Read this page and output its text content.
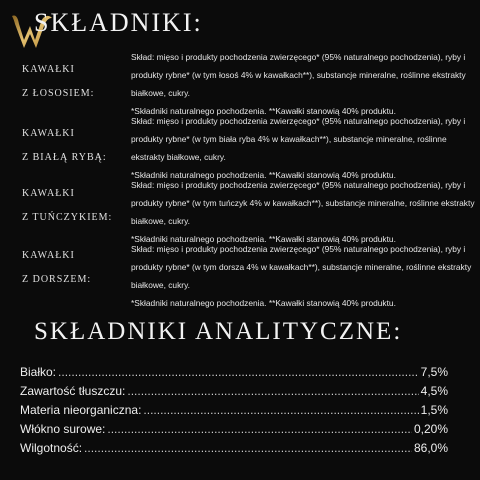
SKŁADNIKI:
KAWAŁKI
Z ŁOSOSIEM:

Skład: mięso i produkty pochodzenia zwierzęcego* (95% naturalnego pochodzenia), ryby i produkty rybne* (w tym łosoś 4% w kawałkach**), substancje mineralne, roślinne ekstrakty białkowe, cukry.

*Składniki naturalnego pochodzenia. **Kawałki stanowią 40% produktu.

KAWAŁKI
Z BIAŁĄ RYBĄ:

Skład: mięso i produkty pochodzenia zwierzęcego* (95% naturalnego pochodzenia), ryby i produkty rybne* (w tym biała ryba 4% w kawałkach**), substancje mineralne, roślinne ekstrakty białkowe, cukry.

*Składniki naturalnego pochodzenia. **Kawałki stanowią 40% produktu.

KAWAŁKI
Z TUŃCZYKIEM:

Skład: mięso i produkty pochodzenia zwierzęcego* (95% naturalnego pochodzenia), ryby i produkty rybne* (w tym tuńczyk 4% w kawałkach**), substancje mineralne, roślinne ekstrakty białkowe, cukry.

*Składniki naturalnego pochodzenia. **Kawałki stanowią 40% produktu.

KAWAŁKI
Z DORSZEM:

Skład: mięso i produkty pochodzenia zwierzęcego* (95% naturalnego pochodzenia), ryby i produkty rybne* (w tym dorsza 4% w kawałkach**), substancje mineralne, roślinne ekstrakty białkowe, cukry.

*Składniki naturalnego pochodzenia. **Kawałki stanowią 40% produktu.

SKŁADNIKI ANALITYCZNE:
Białko: .....	7,5%
Zawartość tłuszczu: .....	4,5%
Materia nieorganiczna: .....	1,5%
Włókno surowe: .....	0,20%
Wilgotność: .....	86,0%
